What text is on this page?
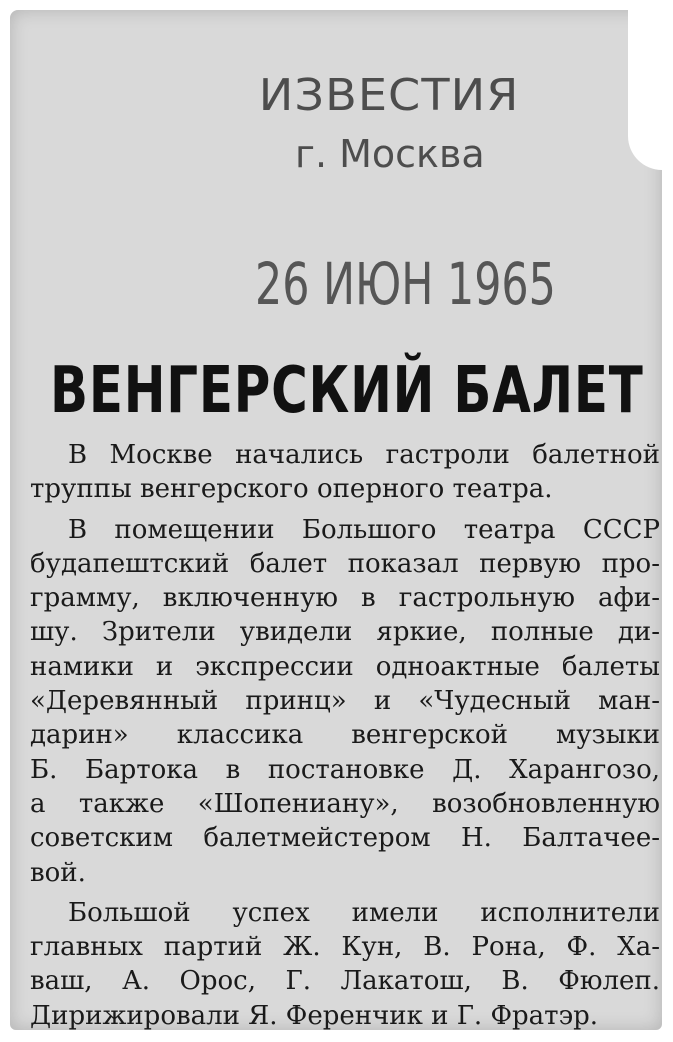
ИЗВЕСТИЯ
г. Москва
26 ИЮН 1965
ВЕНГЕРСКИЙ БАЛЕТ
В Москве начались гастроли балетной
труппы венгерского оперного театра.
В помещении Большого театра СССР
будапештский балет показал первую про-
грамму, включенную в гастрольную афи-
шу. Зрители увидели яркие, полные ди-
намики и экспрессии одноактные балеты
«Деревянный принц» и «Чудесный ман-
дарин» классика венгерской музыки
Б. Бартока в постановке Д. Харангозо,
а также «Шопениану», возобновленную
советским балетмейстером Н. Балтачее-
вой.
Большой успех имели исполнители
главных партий Ж. Кун, В. Рона, Ф. Ха-
ваш, А. Орос, Г. Лакатош, В. Фюлеп.
Дирижировали Я. Ференчик и Г. Фратэр.
